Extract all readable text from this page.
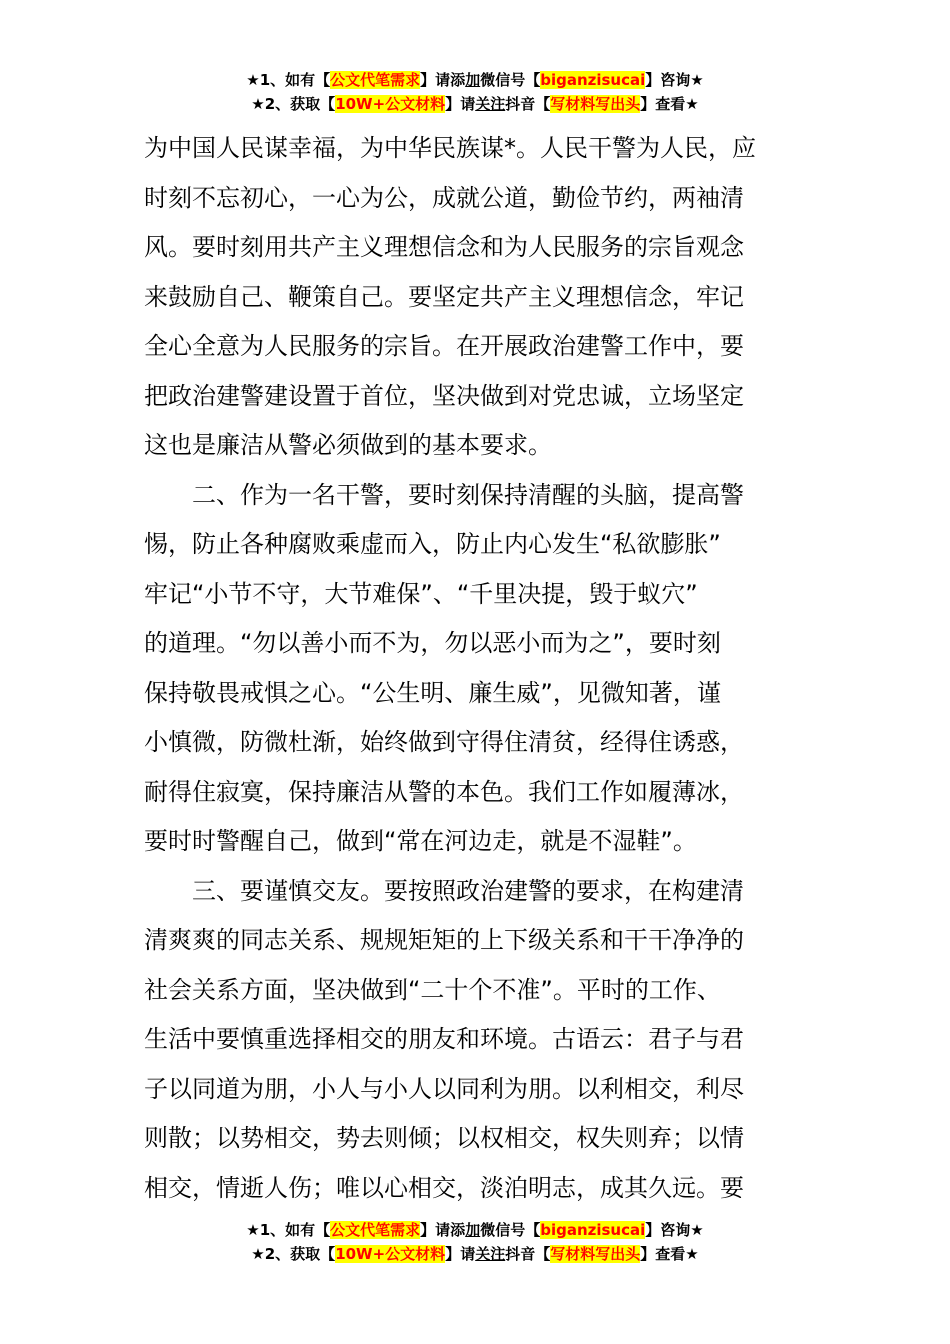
★1、如有【公文代笔需求】请添加微信号【biganzisucai】咨询★
★2、获取【10W+公文材料】请关注抖音【写材料写出头】查看★

为中国人民谋幸福，为中华民族谋*。人民干警为人民，应
时刻不忘初心，一心为公，成就公道，勤俭节约，两袖清
风。要时刻用共产主义理想信念和为人民服务的宗旨观念
来鼓励自己、鞭策自己。要坚定共产主义理想信念，牢记
全心全意为人民服务的宗旨。在开展政治建警工作中，要
把政治建警建设置于首位，坚决做到对党忠诚，立场坚定
这也是廉洁从警必须做到的基本要求。

二、作为一名干警，要时刻保持清醒的头脑，提高警
惕，防止各种腐败乘虚而入，防止内心发生“私欲膨胀”
牢记“小节不守，大节难保”、“千里决提，毁于蚁穴”
的道理。“勿以善小而不为，勿以恶小而为之”，要时刻
保持敬畏戒惧之心。“公生明、廉生威”，见微知著，谨
小慎微，防微杜渐，始终做到守得住清贫，经得住诱惑，
耐得住寂寞，保持廉洁从警的本色。我们工作如履薄冰，
要时时警醒自己，做到“常在河边走，就是不湿鞋”。

三、要谨慎交友。要按照政治建警的要求，在构建清
清爽爽的同志关系、规规矩矩的上下级关系和干干净净的
社会关系方面，坚决做到“二十个不准”。平时的工作、
生活中要慎重选择相交的朋友和环境。古语云：君子与君
子以同道为朋，小人与小人以同利为朋。以利相交，利尽
则散；以势相交，势去则倾；以权相交，权失则弃；以情
相交，情逝人伤；唯以心相交，淡泊明志，成其久远。要

★1、如有【公文代笔需求】请添加微信号【biganzisucai】咨询★
★2、获取【10W+公文材料】请关注抖音【写材料写出头】查看★
